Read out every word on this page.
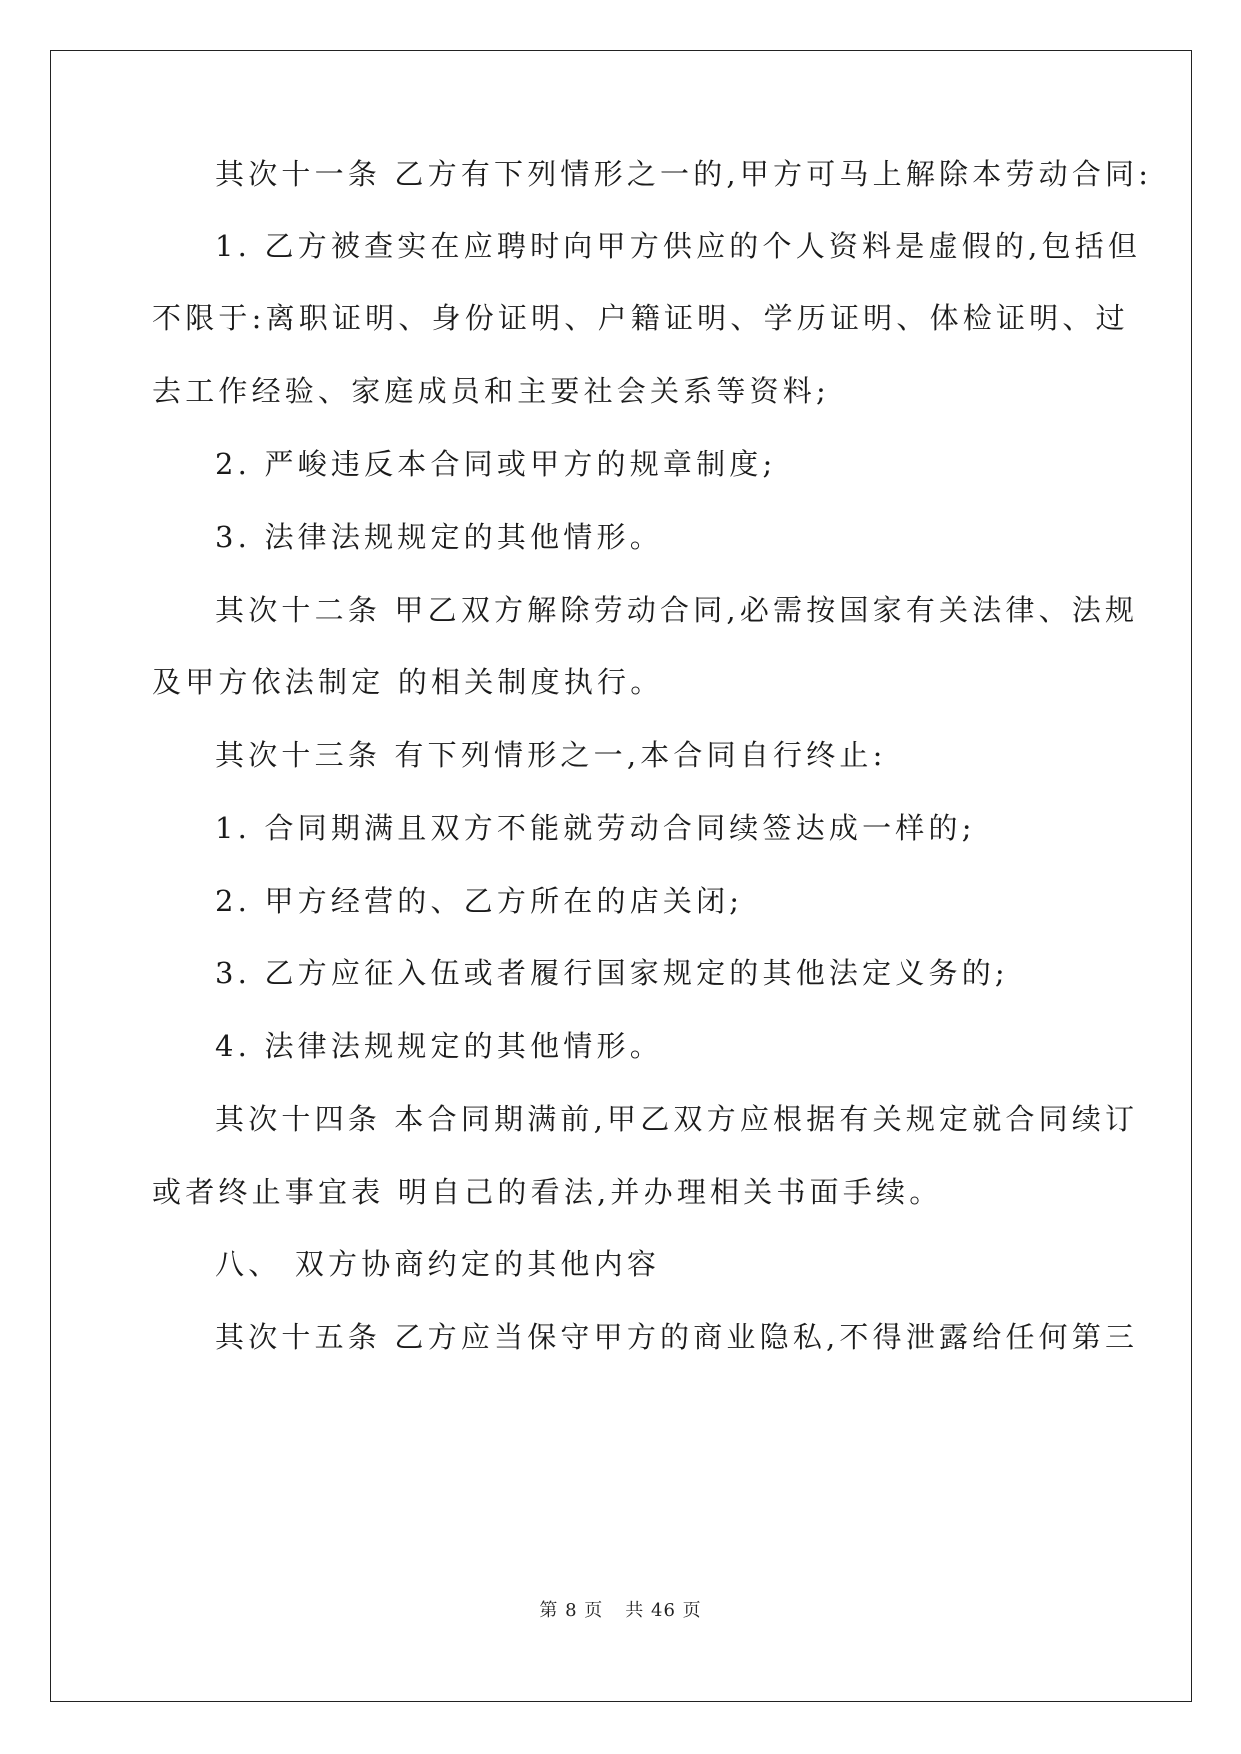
其次十一条 乙方有下列情形之一的,甲方可马上解除本劳动合同:
1. 乙方被查实在应聘时向甲方供应的个人资料是虚假的,包括但
不限于:离职证明、身份证明、户籍证明、学历证明、体检证明、过
去工作经验、家庭成员和主要社会关系等资料;
2. 严峻违反本合同或甲方的规章制度;
3. 法律法规规定的其他情形。
其次十二条 甲乙双方解除劳动合同,必需按国家有关法律、法规
及甲方依法制定 的相关制度执行。
其次十三条 有下列情形之一,本合同自行终止:
1. 合同期满且双方不能就劳动合同续签达成一样的;
2. 甲方经营的、乙方所在的店关闭;
3. 乙方应征入伍或者履行国家规定的其他法定义务的;
4. 法律法规规定的其他情形。
其次十四条 本合同期满前,甲乙双方应根据有关规定就合同续订
或者终止事宜表 明自己的看法,并办理相关书面手续。
八、 双方协商约定的其他内容
其次十五条 乙方应当保守甲方的商业隐私,不得泄露给任何第三
第 8 页 共 46 页
